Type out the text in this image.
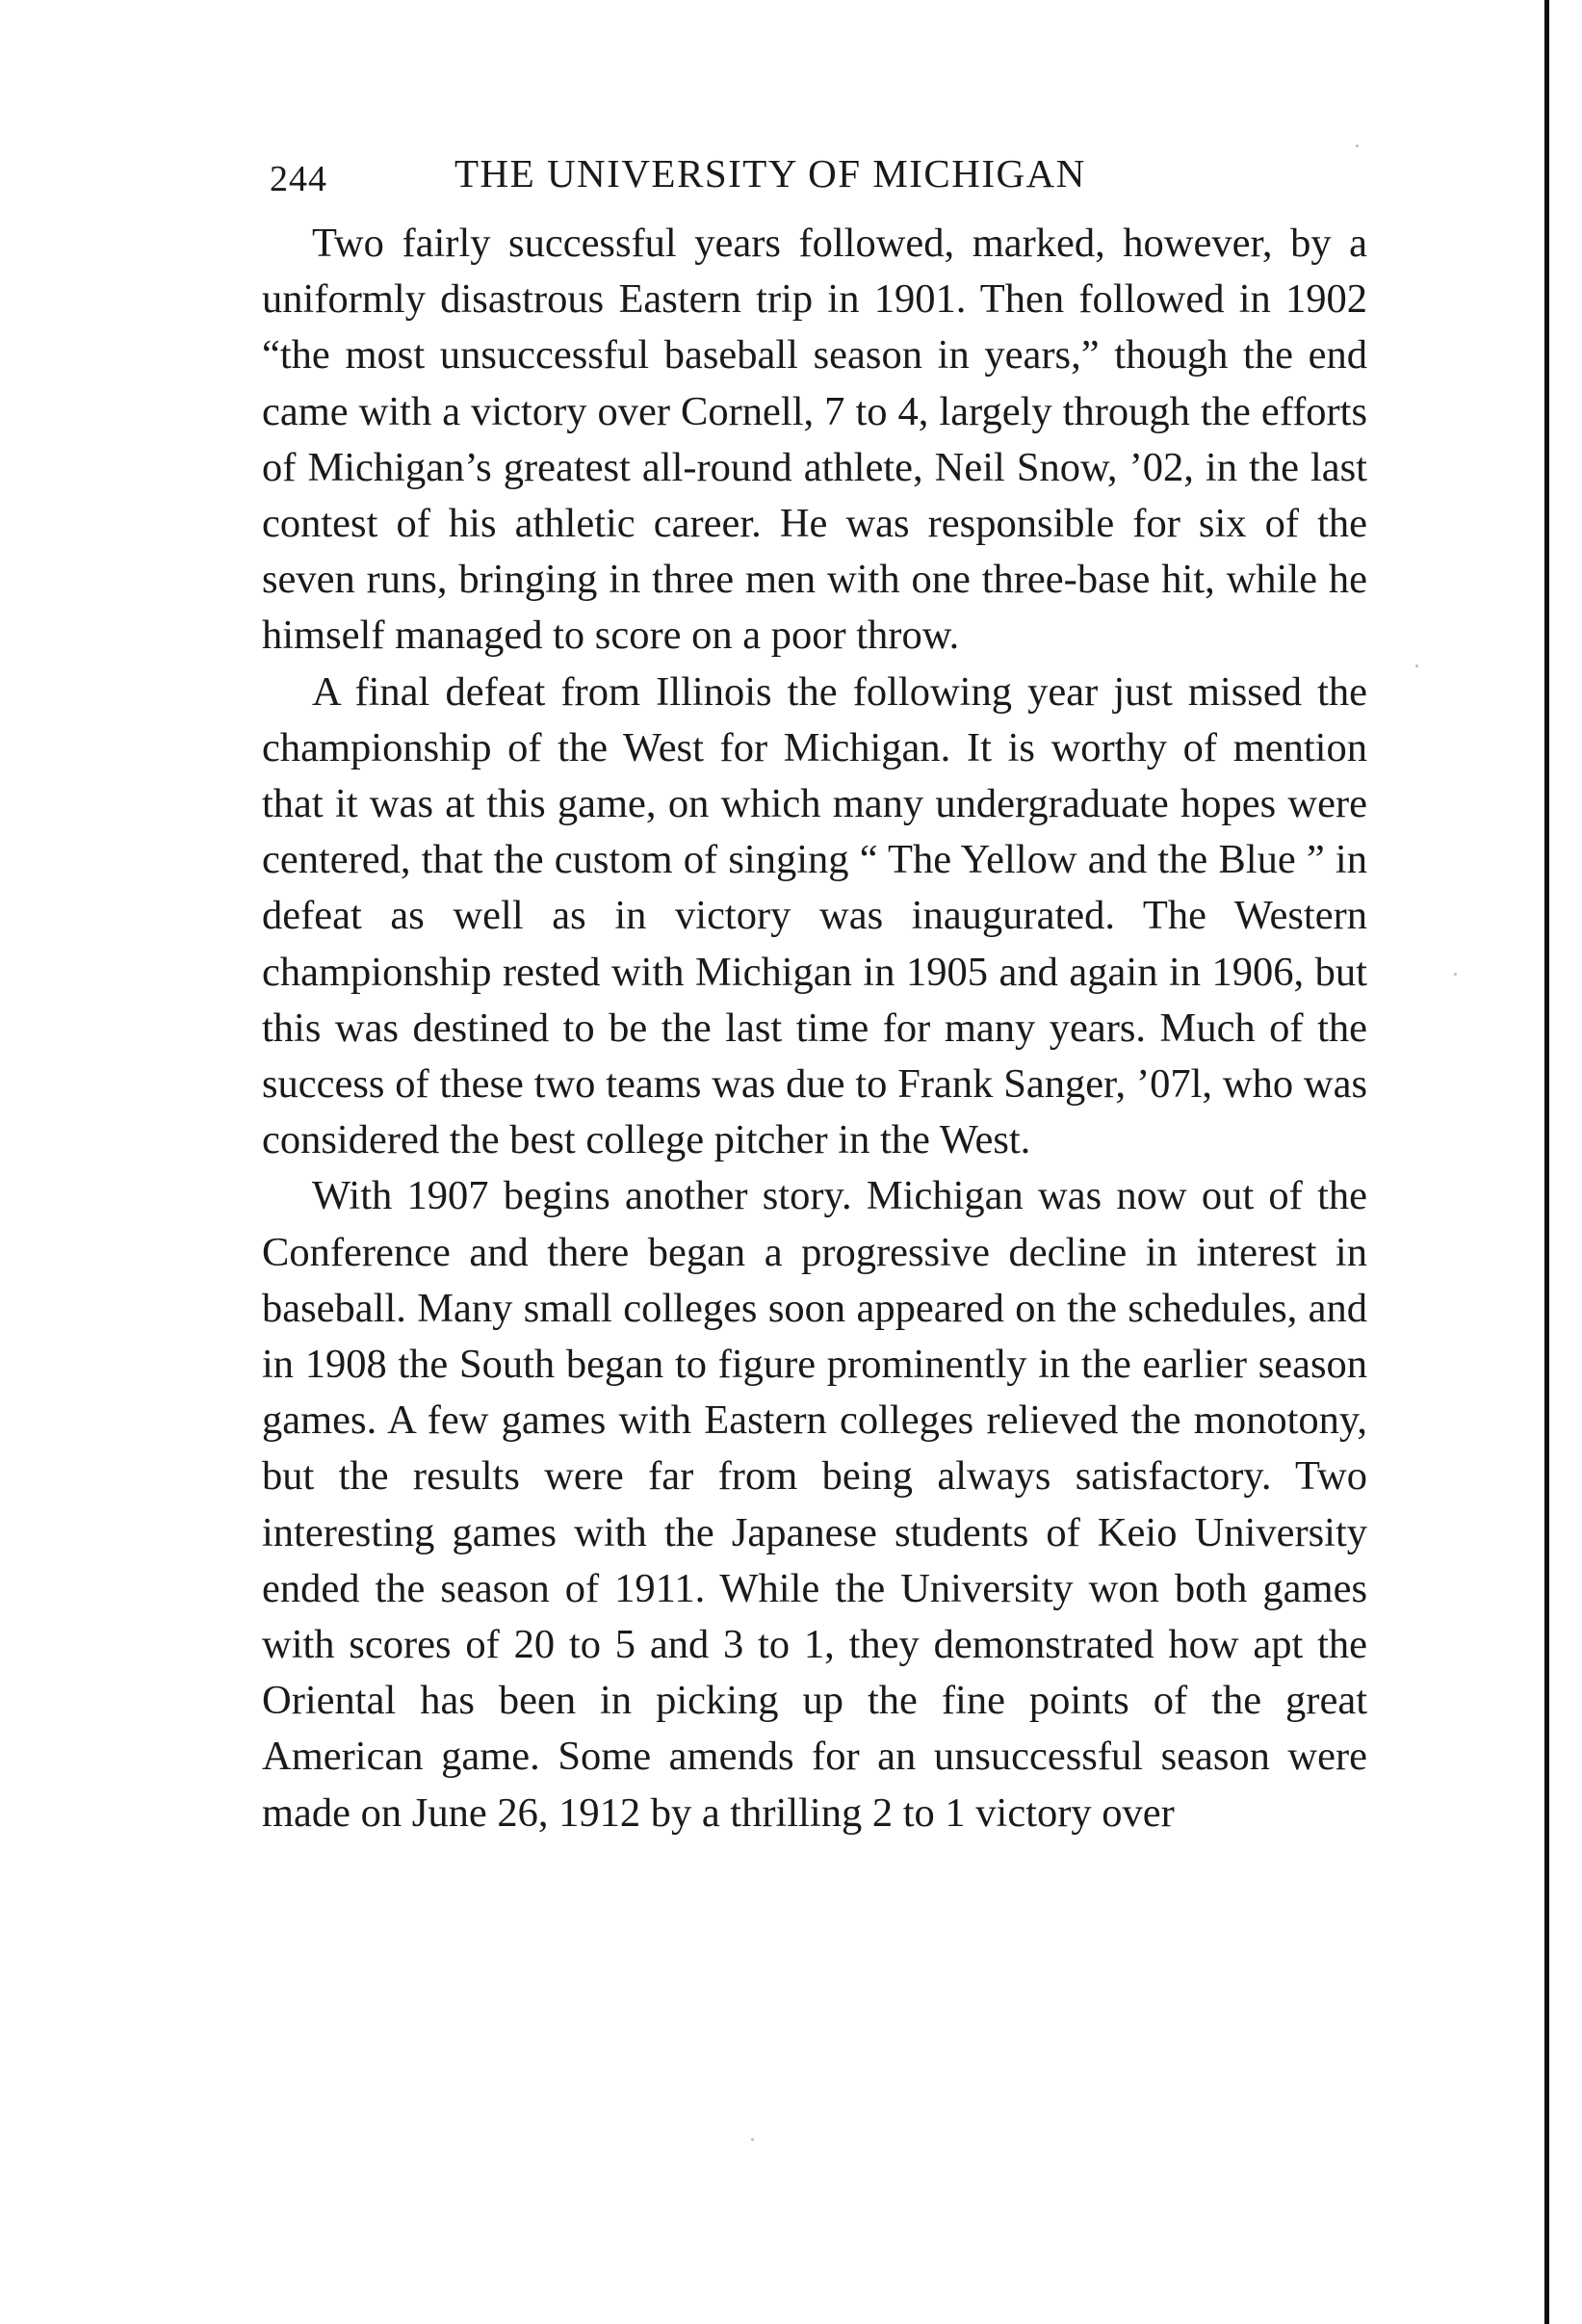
244	THE UNIVERSITY OF MICHIGAN

Two fairly successful years followed, marked, however, by a uniformly disastrous Eastern trip in 1901. Then followed in 1902 “the most unsuccessful baseball season in years,” though the end came with a victory over Cornell, 7 to 4, largely through the efforts of Michigan’s greatest all-round athlete, Neil Snow, ’02, in the last contest of his athletic career. He was responsible for six of the seven runs, bringing in three men with one three-base hit, while he himself managed to score on a poor throw.

A final defeat from Illinois the following year just missed the championship of the West for Michigan. It is worthy of mention that it was at this game, on which many undergraduate hopes were centered, that the custom of singing “ The Yellow and the Blue ” in defeat as well as in victory was inaugurated. The Western championship rested with Michigan in 1905 and again in 1906, but this was destined to be the last time for many years. Much of the success of these two teams was due to Frank Sanger, ’07l, who was considered the best college pitcher in the West.

With 1907 begins another story. Michigan was now out of the Conference and there began a progressive decline in interest in baseball. Many small colleges soon appeared on the schedules, and in 1908 the South began to figure prominently in the earlier season games. A few games with Eastern colleges relieved the monotony, but the results were far from being always satisfactory. Two interesting games with the Japanese students of Keio University ended the season of 1911. While the University won both games with scores of 20 to 5 and 3 to 1, they demonstrated how apt the Oriental has been in picking up the fine points of the great American game. Some amends for an unsuccessful season were made on June 26, 1912 by a thrilling 2 to 1 victory over
